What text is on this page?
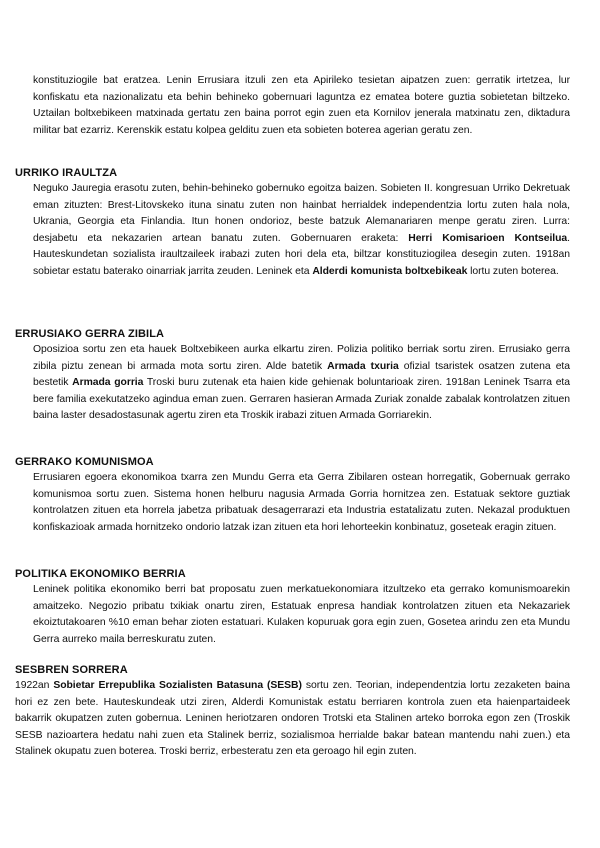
konstituziogile bat eratzea. Lenin Errusiara itzuli zen eta Apirileko tesietan aipatzen zuen: gerratik irtetzea, lur konfiskatu eta nazionalizatu eta behin behineko gobernuari laguntza ez ematea botere guztia sobietetan biltzeko. Uztailan boltxebikeen matxinada gertatu zen baina porrot egin zuen eta Kornilov jenerala matxinatu zen, diktadura militar bat ezarriz. Kerenskik estatu kolpea gelditu zuen eta sobieten boterea agerian geratu zen.

URRIKO IRAULTZA

Neguko Jauregia erasotu zuten, behin-behineko gobernuko egoitza baizen. Sobieten II. kongresuan Urriko Dekretuak eman zituzten: Brest-Litovskeko ituna sinatu zuten non hainbat herrialdek independentzia lortu zuten hala nola, Ukrania, Georgia eta Finlandia. Itun honen ondorioz, beste batzuk Alemanariaren menpe geratu ziren. Lurra: desjabetu eta nekazarien artean banatu zuten. Gobernuaren eraketa: Herri Komisarioen Kontseilua. Hauteskundetan sozialista iraultzaileek irabazi zuten hori dela eta, biltzar konstituziogilea desegin zuten. 1918an sobietar estatu baterako oinarriak jarrita zeuden. Leninek eta Alderdi komunista boltxebikeak lortu zuten boterea.

ERRUSIAKO GERRA ZIBILA

Oposizioa sortu zen eta hauek Boltxebikeen aurka elkartu ziren. Polizia politiko berriak sortu ziren. Errusiako gerra zibila piztu zenean bi armada mota sortu ziren. Alde batetik Armada txuria ofizial tsaristek osatzen zutena eta bestetik Armada gorria Troski buru zutenak eta haien kide gehienak boluntarioak ziren. 1918an Leninek Tsarra eta bere familia exekutatzeko agindua eman zuen. Gerraren hasieran Armada Zuriak zonalde zabalak kontrolatzen zituen baina laster desadostasunak agertu ziren eta Troskik irabazi zituen Armada Gorriarekin.

GERRAKO KOMUNISMOA

Errusiaren egoera ekonomikoa txarra zen Mundu Gerra eta Gerra Zibilaren ostean horregatik, Gobernuak gerrako komunismoa sortu zuen. Sistema honen helburu nagusia Armada Gorria hornitzea zen. Estatuak sektore guztiak kontrolatzen zituen eta horrela jabetza pribatuak desagerrarazi eta Industria estatalizatu zuten. Nekazal produktuen konfiskazioak armada hornitzeko ondorio latzak izan zituen eta hori lehorteekin konbinatuz, goseteak eragin zituen.

POLITIKA EKONOMIKO BERRIA

Leninek politika ekonomiko berri bat proposatu zuen merkatuekonomiara itzultzeko eta gerrako komunismoarekin amaitzeko. Negozio pribatu txikiak onartu ziren, Estatuak enpresa handiak kontrolatzen zituen eta Nekazariek ekoiztutakoaren %10 eman behar zioten estatuari. Kulaken kopuruak gora egin zuen, Gosetea arindu zen eta Mundu Gerra aurreko maila berreskuratu zuten.

SESBREN SORRERA

1922an Sobietar Errepublika Sozialisten Batasuna (SESB) sortu zen. Teorian, independentzia lortu zezaketen baina hori ez zen bete. Hauteskundeak utzi ziren, Alderdi Komunistak estatu berriaren kontrola zuen eta haienpartaideek bakarrik okupatzen zuten gobernua. Leninen heriotzaren ondoren Trotski eta Stalinen arteko borroka egon zen (Troskik SESB nazioartera hedatu nahi zuen eta Stalinek berriz, sozialismoa herrialde bakar batean mantendu nahi zuen.) eta Stalinek okupatu zuen boterea. Troski berriz, erbesteratu zen eta geroago hil egin zuten.
